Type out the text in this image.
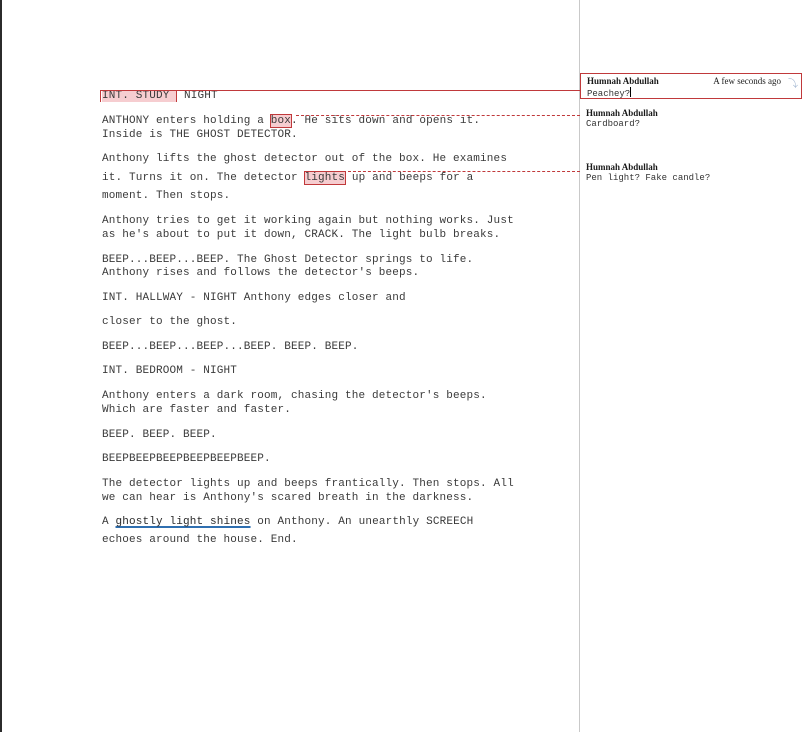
INT. STUDY  NIGHT
ANTHONY enters holding a box. He sits down and opens it.
Inside is THE GHOST DETECTOR.
Anthony lifts the ghost detector out of the box. He examines
it. Turns it on. The detector lights up and beeps for a
moment. Then stops.
Anthony tries to get it working again but nothing works. Just
as he's about to put it down, CRACK. The light bulb breaks.
BEEP...BEEP...BEEP. The Ghost Detector springs to life.
Anthony rises and follows the detector's beeps.
INT. HALLWAY - NIGHT Anthony edges closer and
closer to the ghost.
BEEP...BEEP...BEEP...BEEP. BEEP. BEEP.
INT. BEDROOM - NIGHT
Anthony enters a dark room, chasing the detector's beeps.
Which are faster and faster.
BEEP. BEEP. BEEP.
BEEPBEEPBEEPBEEPBEEPBEEP.
The detector lights up and beeps frantically. Then stops. All
we can hear is Anthony's scared breath in the darkness.
A ghostly light shines on Anthony. An unearthly SCREECH
echoes around the house. End.
Humnah Abdullah	A few seconds ago ⤵
Peachey?
Humnah Abdullah
Cardboard?
Humnah Abdullah
Pen light? Fake candle?
